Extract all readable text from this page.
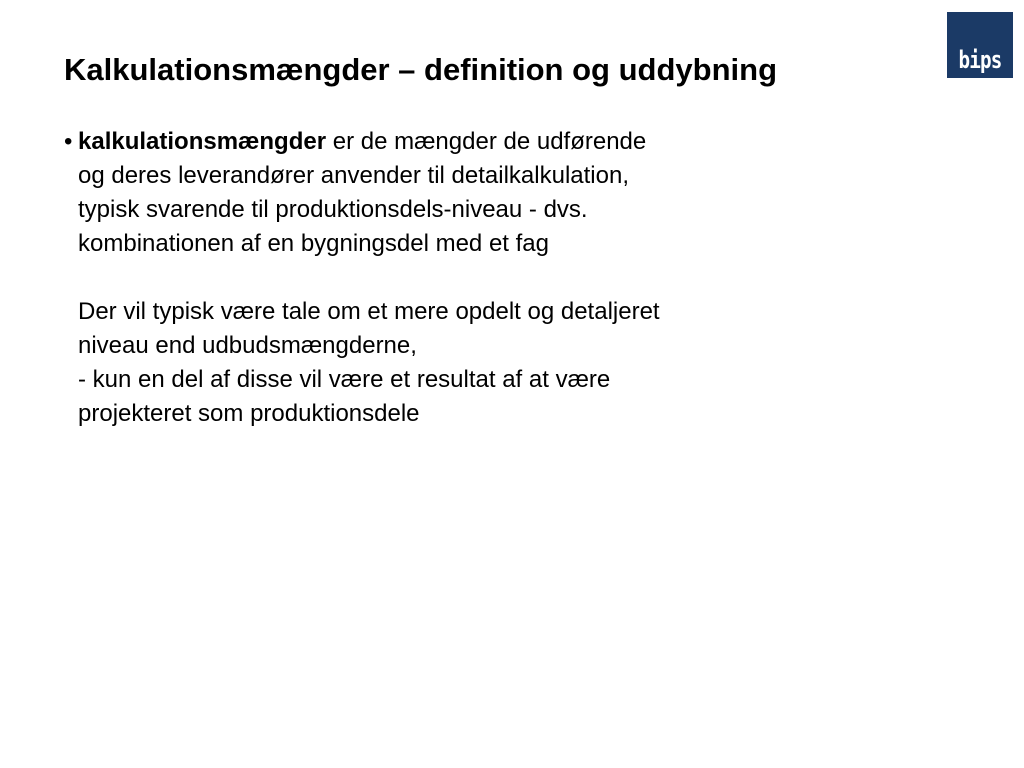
Kalkulationsmængder – definition og uddybning	bips
• kalkulationsmængder er de mængder de udførende
og deres leverandører anvender til detailkalkulation,
typisk svarende til produktionsdels-niveau - dvs.
kombinationen af en bygningsdel med et fag
Der vil typisk være tale om et mere opdelt og detaljeret
niveau end udbudsmængderne,
- kun en del af disse vil være et resultat af at være
projekteret som produktionsdele
